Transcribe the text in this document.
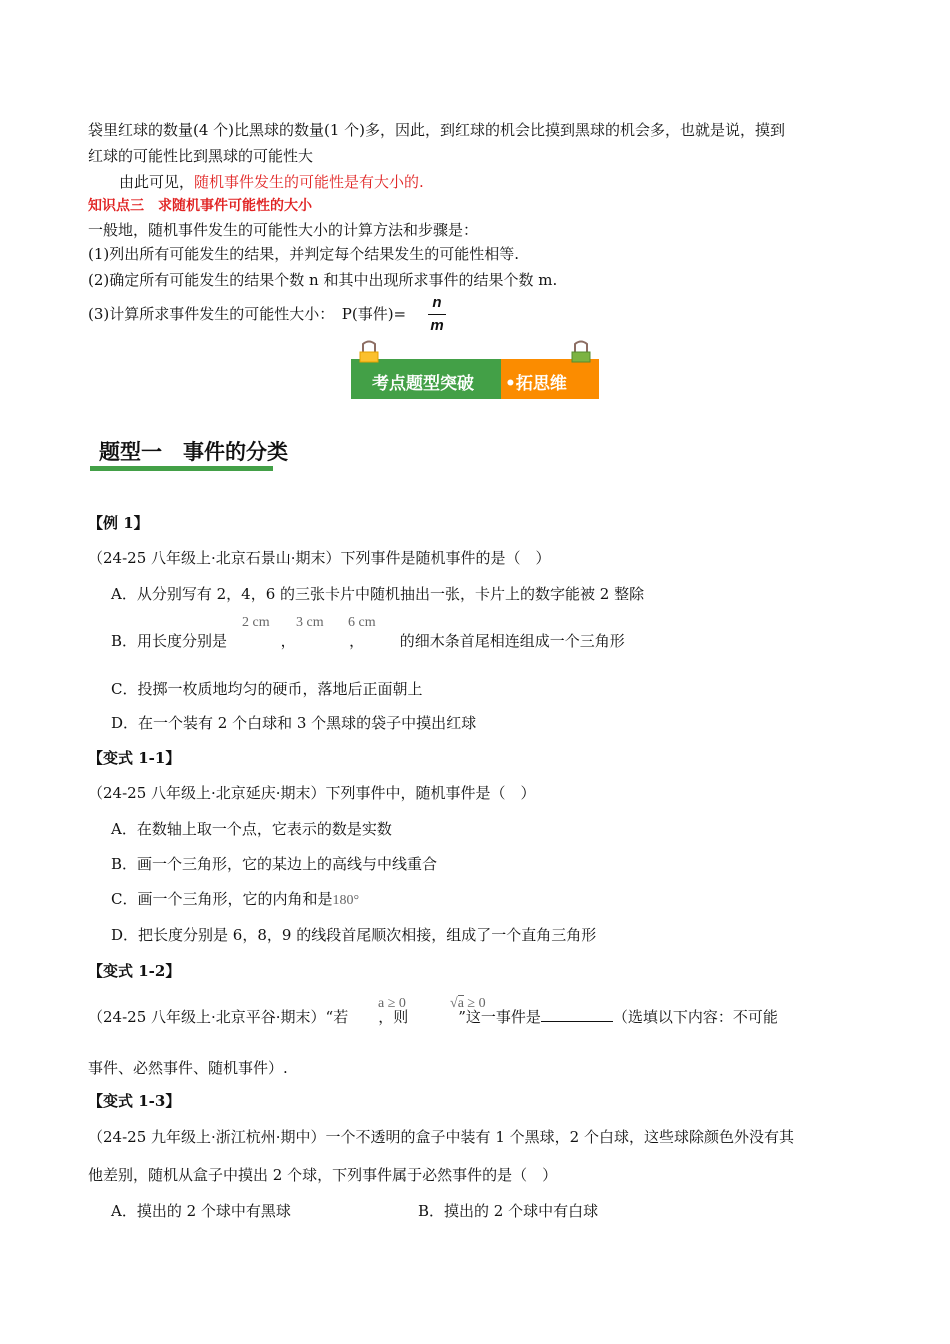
袋里红球的数量(4 个)比黑球的数量(1 个)多，因此，到红球的机会比摸到黑球的机会多，也就是说，摸到
红球的可能性比到黑球的可能性大
由此可见，随机事件发生的可能性是有大小的.
知识点三　求随机事件可能性的大小
一般地，随机事件发生的可能性大小的计算方法和步骤是：
(1)列出所有可能发生的结果，并判定每个结果发生的可能性相等.
(2)确定所有可能发生的结果个数 n 和其中出现所求事件的结果个数 m.
(3)计算所求事件发生的可能性大小：　P(事件)=
n
m
考点题型突破 •拓思维
题型一　事件的分类
【例 1】
（24-25 八年级上·北京石景山·期末）下列事件是随机事件的是（　）
A．从分别写有 2，4，6 的三张卡片中随机抽出一张，卡片上的数字能被 2 整除
B．用长度分别是	，	， 的细木条首尾相连组成一个三角形
2 cm 3 cm 6 cm
C．投掷一枚质地均匀的硬币，落地后正面朝上
D．在一个装有 2 个白球和 3 个黑球的袋子中摸出红球
【变式 1-1】
（24-25 八年级上·北京延庆·期末）下列事件中，随机事件是（　）
A．在数轴上取一个点，它表示的数是实数
B．画一个三角形，它的某边上的高线与中线重合
C．画一个三角形，它的内角和是180°
D．把长度分别是 6，8，9 的线段首尾顺次相接，组成了一个直角三角形
【变式 1-2】
（24-25 八年级上·北京平谷·期末）“若 ，则	”这一事件是	（选填以下内容：不可能
a ≥ 0	√a ≥ 0
事件、必然事件、随机事件）.
【变式 1-3】
（24-25 九年级上·浙江杭州·期中）一个不透明的盒子中装有 1 个黑球，2 个白球，这些球除颜色外没有其
他差别，随机从盒子中摸出 2 个球，下列事件属于必然事件的是（　）
A．摸出的 2 个球中有黑球	B．摸出的 2 个球中有白球
